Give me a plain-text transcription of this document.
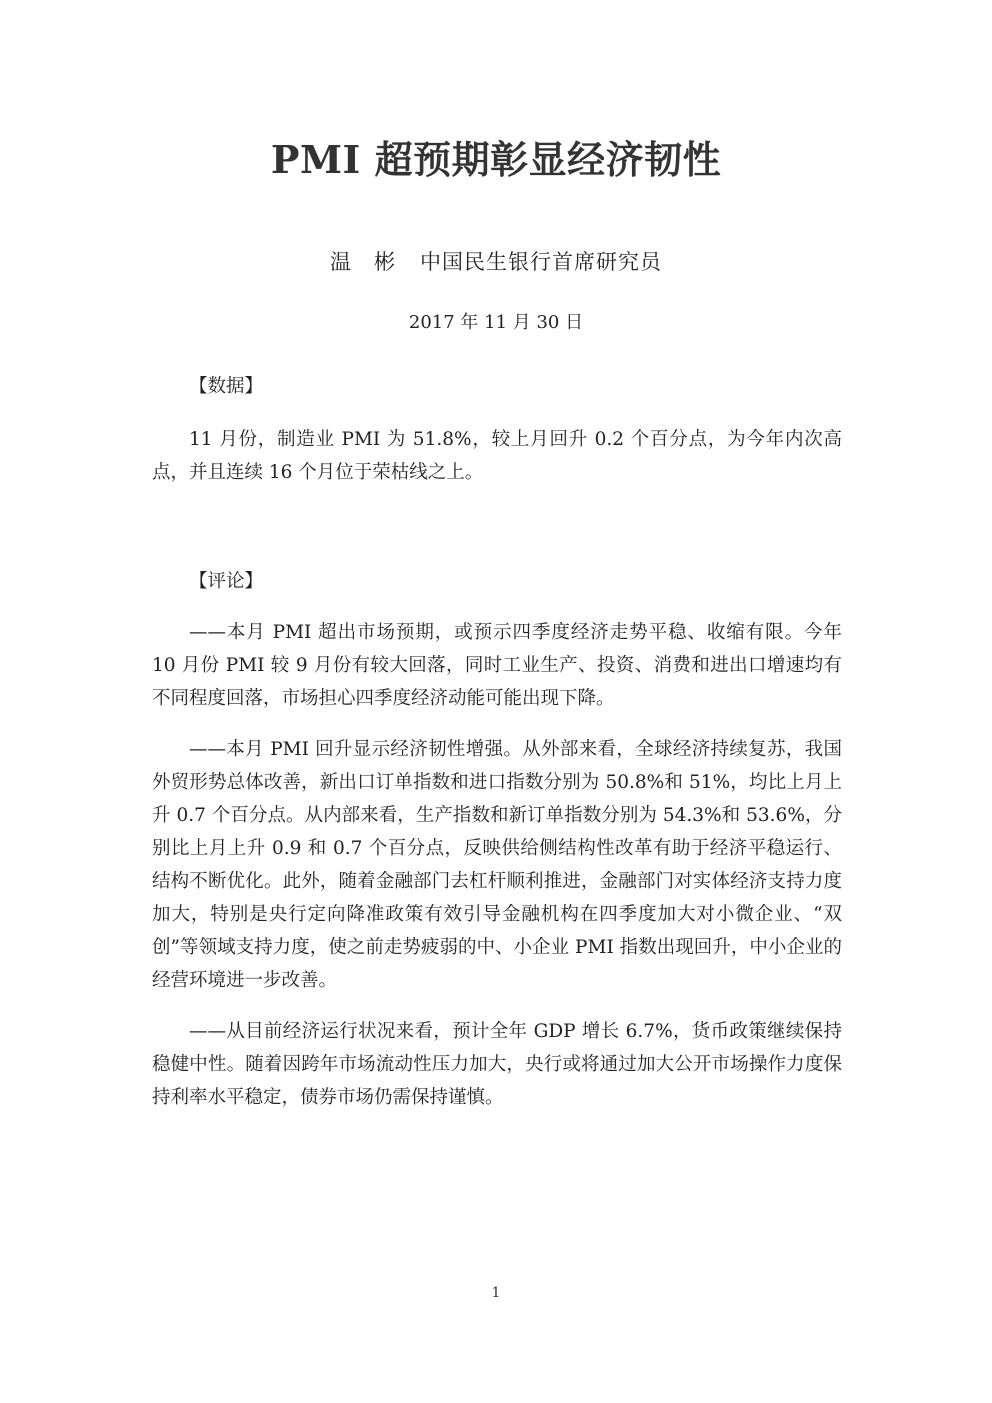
PMI 超预期彰显经济韧性
温　彬 中国民生银行首席研究员
2017 年 11 月 30 日

【数据】

11 月份，制造业 PMI 为 51.8%，较上月回升 0.2 个百分点，为今年内次高点，并且连续 16 个月位于荣枯线之上。

【评论】

——本月 PMI 超出市场预期，或预示四季度经济走势平稳、收缩有限。今年 10 月份 PMI 较 9 月份有较大回落，同时工业生产、投资、消费和进出口增速均有不同程度回落，市场担心四季度经济动能可能出现下降。

——本月 PMI 回升显示经济韧性增强。从外部来看，全球经济持续复苏，我国外贸形势总体改善，新出口订单指数和进口指数分别为 50.8%和 51%，均比上月上升 0.7 个百分点。从内部来看，生产指数和新订单指数分别为 54.3%和 53.6%，分别比上月上升 0.9 和 0.7 个百分点，反映供给侧结构性改革有助于经济平稳运行、结构不断优化。此外，随着金融部门去杠杆顺利推进，金融部门对实体经济支持力度加大，特别是央行定向降准政策有效引导金融机构在四季度加大对小微企业、“双创”等领域支持力度，使之前走势疲弱的中、小企业 PMI 指数出现回升，中小企业的经营环境进一步改善。

——从目前经济运行状况来看，预计全年 GDP 增长 6.7%，货币政策继续保持稳健中性。随着因跨年市场流动性压力加大，央行或将通过加大公开市场操作力度保持利率水平稳定，债券市场仍需保持谨慎。

1
